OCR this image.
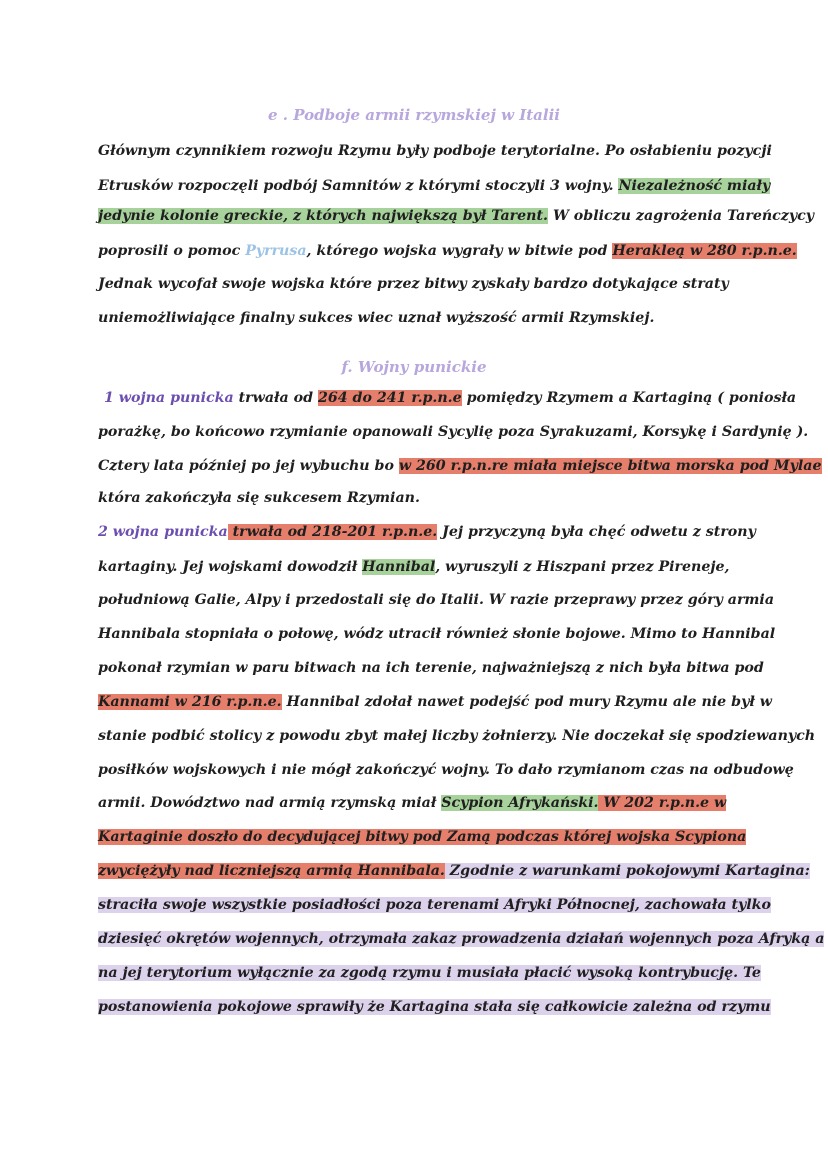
e . Podboje armii rzymskiej w Italii
Głównym czynnikiem rozwoju Rzymu były podboje terytorialne. Po osłabieniu pozycji
Etrusków rozpoczęli podbój Samnitów z którymi stoczyli 3 wojny. Niezależność miały
jedynie kolonie greckie, z których największą był Tarent. W obliczu zagrożenia Tareńczycy
poprosili o pomoc Pyrrusa, którego wojska wygrały w bitwie pod Herakleą w 280 r.p.n.e.
Jednak wycofał swoje wojska które przez bitwy zyskały bardzo dotykające straty
uniemożliwiające finalny sukces wiec uznał wyższość armii Rzymskiej.
f. Wojny punickie
1 wojna punicka trwała od 264 do 241 r.p.n.e pomiędzy Rzymem a Kartaginą ( poniosła
porażkę, bo końcowo rzymianie opanowali Sycylię poza Syrakuzami, Korsykę i Sardynię ).
Cztery lata później po jej wybuchu bo w 260 r.p.n.re miała miejsce bitwa morska pod Mylae
która zakończyła się sukcesem Rzymian.
2 wojna punicka trwała od 218-201 r.p.n.e. Jej przyczyną była chęć odwetu z strony
kartaginy. Jej wojskami dowodził Hannibal, wyruszyli z Hiszpani przez Pireneje,
południową Galie, Alpy i przedostali się do Italii. W razie przeprawy przez góry armia
Hannibala stopniała o połowę, wódz utracił również słonie bojowe. Mimo to Hannibal
pokonał rzymian w paru bitwach na ich terenie, najważniejszą z nich była bitwa pod
Kannami w 216 r.p.n.e. Hannibal zdołał nawet podejść pod mury Rzymu ale nie był w
stanie podbić stolicy z powodu zbyt małej liczby żołnierzy. Nie doczekał się spodziewanych
posiłków wojskowych i nie mógł zakończyć wojny. To dało rzymianom czas na odbudowę
armii. Dowództwo nad armią rzymską miał Scypion Afrykański. W 202 r.p.n.e w
Kartaginie doszło do decydującej bitwy pod Zamą podczas której wojska Scypiona
zwyciężyły nad liczniejszą armią Hannibala. Zgodnie z warunkami pokojowymi Kartagina:
straciła swoje wszystkie posiadłości poza terenami Afryki Północnej, zachowała tylko
dziesięć okrętów wojennych, otrzymała zakaz prowadzenia działań wojennych poza Afryką a
na jej terytorium wyłącznie za zgodą rzymu i musiała płacić wysoką kontrybucję. Te
postanowienia pokojowe sprawiły że Kartagina stała się całkowicie zależna od rzymu
